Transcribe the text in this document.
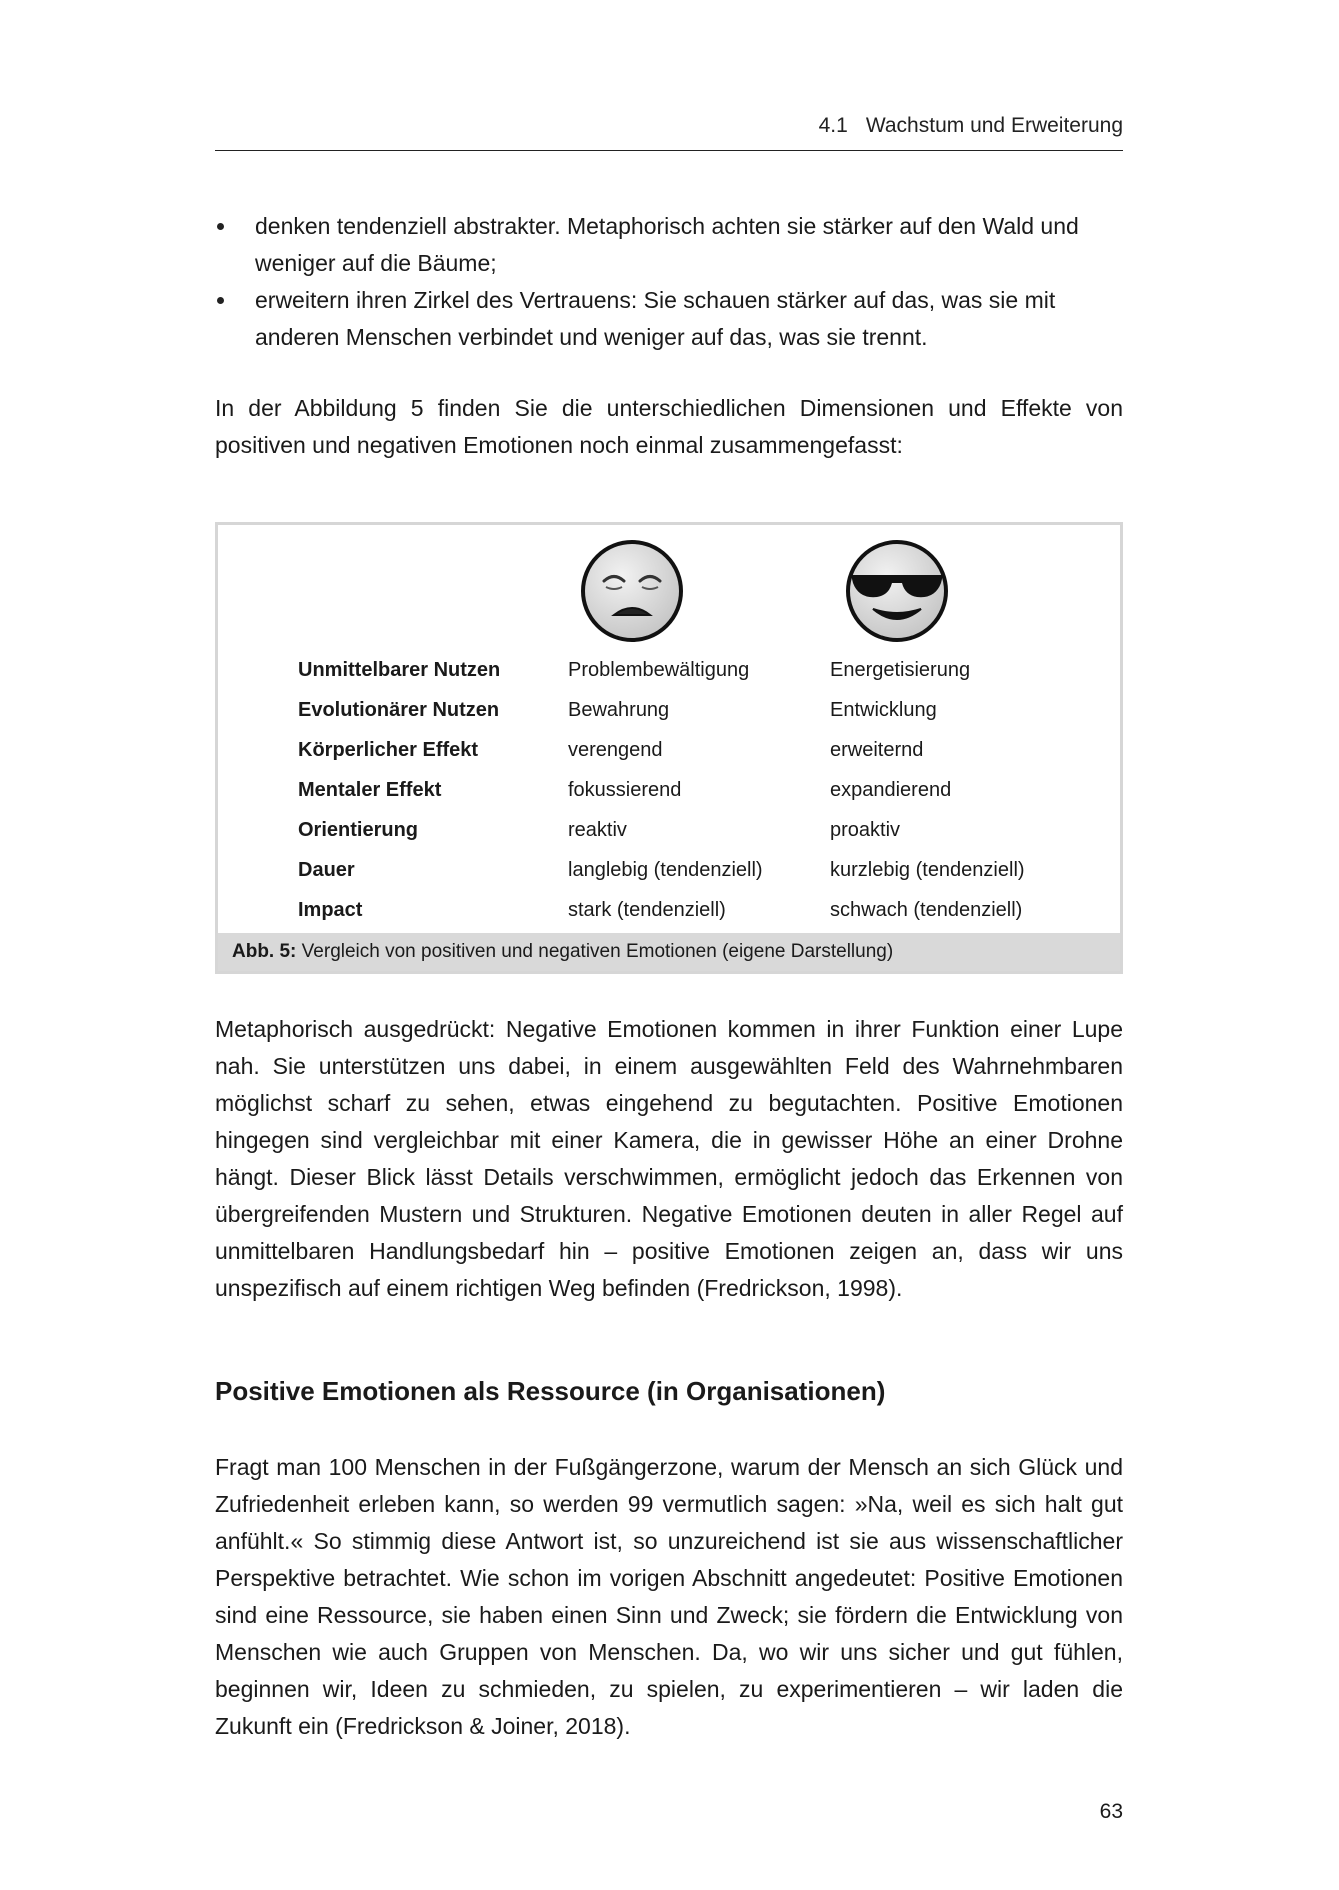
4.1 Wachstum und Erweiterung
denken tendenziell abstrakter. Metaphorisch achten sie stärker auf den Wald und weniger auf die Bäume;
erweitern ihren Zirkel des Vertrauens: Sie schauen stärker auf das, was sie mit anderen Menschen verbindet und weniger auf das, was sie trennt.

In der Abbildung 5 finden Sie die unterschiedlichen Dimensionen und Effekte von positiven und negativen Emotionen noch einmal zusammengefasst:

Unmittelbarer Nutzen	Problembewältigung	Energetisierung
Evolutionärer Nutzen	Bewahrung	Entwicklung
Körperlicher Effekt	verengend	erweiternd
Mentaler Effekt	fokussierend	expandierend
Orientierung	reaktiv	proaktiv
Dauer	langlebig (tendenziell)	kurzlebig (tendenziell)
Impact	stark (tendenziell)	schwach (tendenziell)
Abb. 5: Vergleich von positiven und negativen Emotionen (eigene Darstellung)

Metaphorisch ausgedrückt: Negative Emotionen kommen in ihrer Funktion einer Lupe nah. Sie unterstützen uns dabei, in einem ausgewählten Feld des Wahrnehmbaren möglichst scharf zu sehen, etwas eingehend zu begutachten. Positive Emotionen hingegen sind vergleichbar mit einer Kamera, die in gewisser Höhe an einer Drohne hängt. Dieser Blick lässt Details verschwimmen, ermöglicht jedoch das Erkennen von übergreifenden Mustern und Strukturen. Negative Emotionen deuten in aller Regel auf unmittelbaren Handlungsbedarf hin – positive Emotionen zeigen an, dass wir uns unspezifisch auf einem richtigen Weg befinden (Fredrickson, 1998).

Positive Emotionen als Ressource (in Organisationen)

Fragt man 100 Menschen in der Fußgängerzone, warum der Mensch an sich Glück und Zufriedenheit erleben kann, so werden 99 vermutlich sagen: »Na, weil es sich halt gut anfühlt.« So stimmig diese Antwort ist, so unzureichend ist sie aus wissenschaftlicher Perspektive betrachtet. Wie schon im vorigen Abschnitt angedeutet: Positive Emotionen sind eine Ressource, sie haben einen Sinn und Zweck; sie fördern die Entwicklung von Menschen wie auch Gruppen von Menschen. Da, wo wir uns sicher und gut fühlen, beginnen wir, Ideen zu schmieden, zu spielen, zu experimentieren – wir laden die Zukunft ein (Fredrickson & Joiner, 2018).

63
